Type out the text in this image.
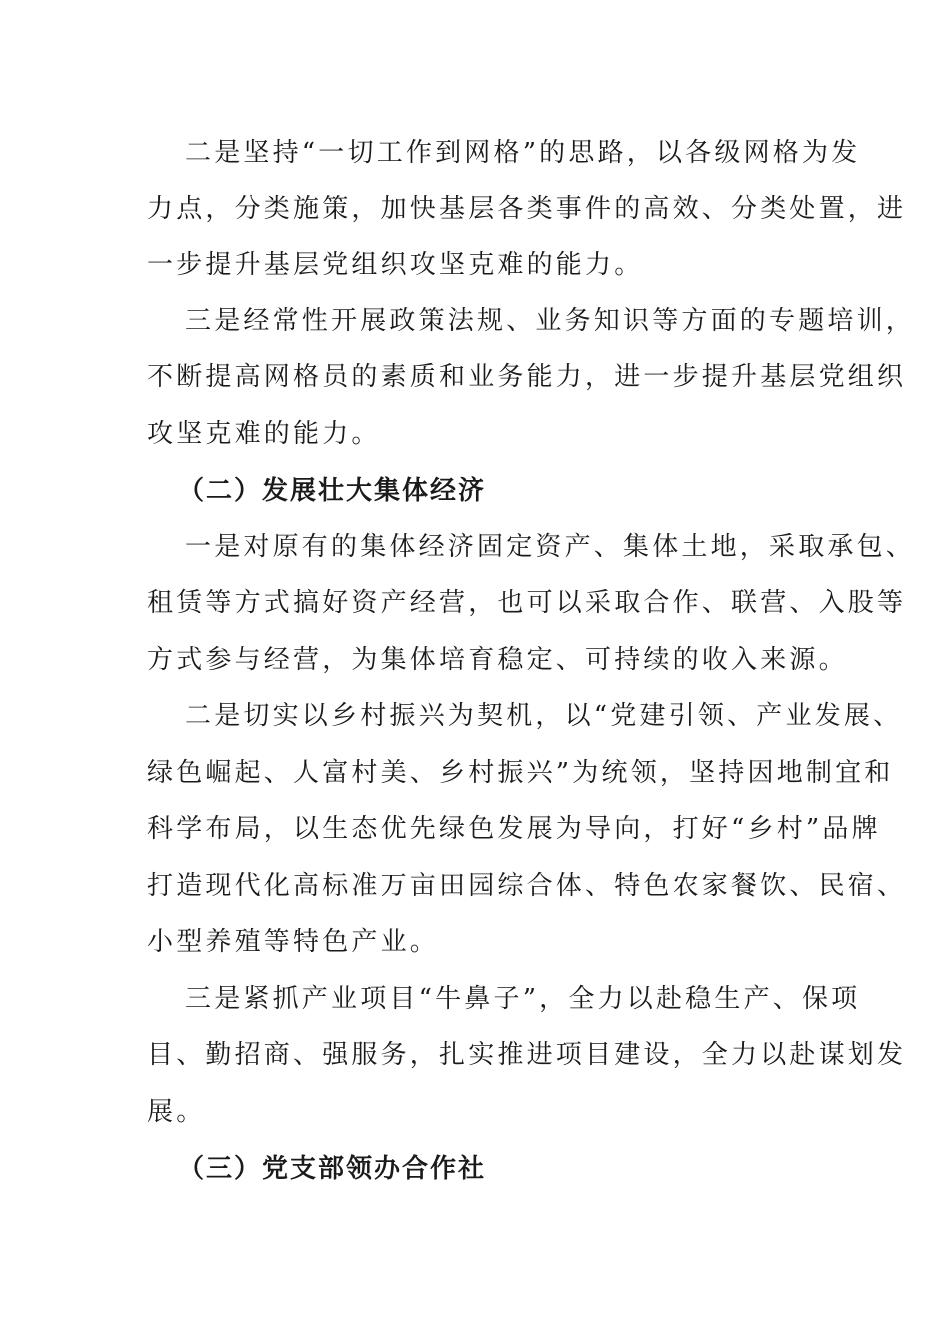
二是坚持“一切工作到网格”的思路，以各级网格为发
力点，分类施策，加快基层各类事件的高效、分类处置，进
一步提升基层党组织攻坚克难的能力。
三是经常性开展政策法规、业务知识等方面的专题培训，
不断提高网格员的素质和业务能力，进一步提升基层党组织
攻坚克难的能力。
（二）发展壮大集体经济
一是对原有的集体经济固定资产、集体土地，采取承包、
租赁等方式搞好资产经营，也可以采取合作、联营、入股等
方式参与经营，为集体培育稳定、可持续的收入来源。
二是切实以乡村振兴为契机，以“党建引领、产业发展、
绿色崛起、人富村美、乡村振兴”为统领，坚持因地制宜和
科学布局，以生态优先绿色发展为导向，打好“乡村”品牌
打造现代化高标准万亩田园综合体、特色农家餐饮、民宿、
小型养殖等特色产业。
三是紧抓产业项目“牛鼻子”，全力以赴稳生产、保项
目、勤招商、强服务，扎实推进项目建设，全力以赴谋划发
展。
（三）党支部领办合作社
